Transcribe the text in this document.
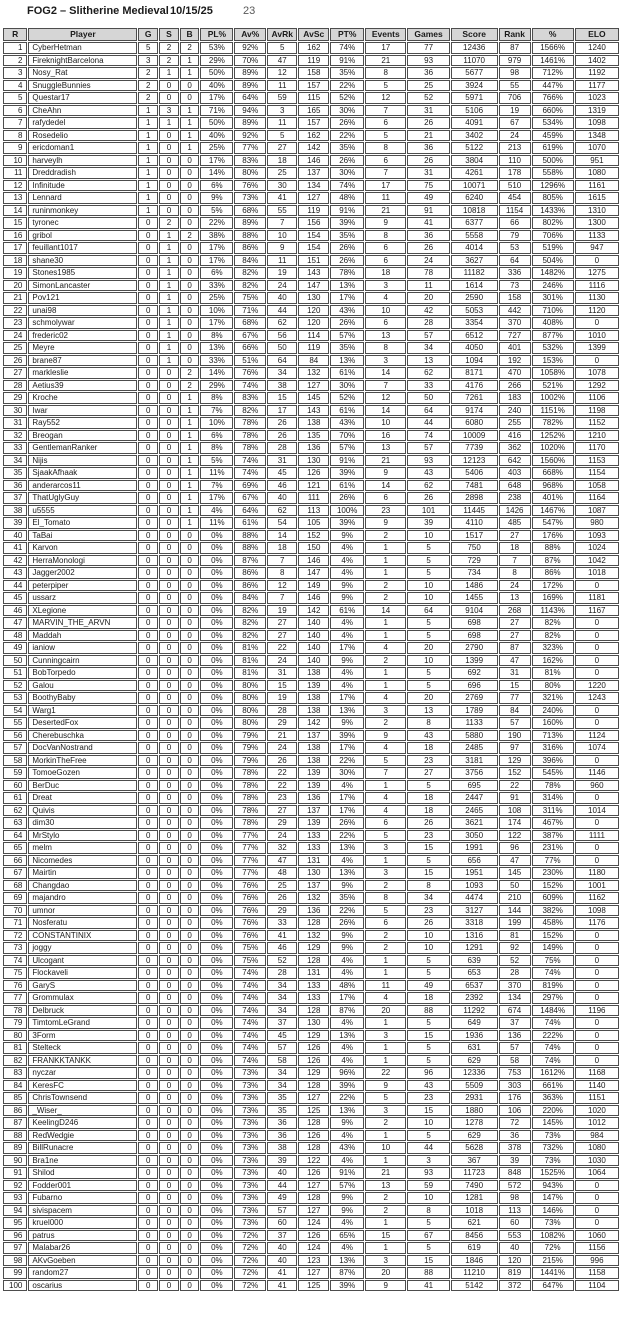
FOG2 – Slitherine Medieval 10/15/25	23
R	Player	G	S	B	PL%	Av%	AvRk	AvSc	PT%	Events	Games	Score	Rank	%	ELO
1	CyberHetman	5	2	2	53%	92%	5	162	74%	17	77	12436	87	1566%	1240
2	FireknightBarcelona	3	2	1	29%	70%	47	119	91%	21	93	11070	979	1461%	1402
3	Nosy_Rat	2	1	1	50%	89%	12	158	35%	8	36	5677	98	712%	1192
4	SnuggleBunnies	2	0	0	40%	89%	11	157	22%	5	25	3924	55	447%	1177
5	Questar17	2	0	0	17%	64%	59	115	52%	12	52	5971	706	766%	1023
6	CheAhn	1	3	1	71%	94%	3	165	30%	7	31	5106	19	660%	1319
7	rafydedel	1	1	1	50%	89%	11	157	26%	6	26	4091	67	534%	1098
8	Rosedelio	1	0	1	40%	92%	5	162	22%	5	21	3402	24	459%	1348
9	ericdoman1	1	0	1	25%	77%	27	142	35%	8	36	5122	213	619%	1070
10	harveylh	1	0	0	17%	83%	18	146	26%	6	26	3804	110	500%	951
11	Dreddradish	1	0	0	14%	80%	25	137	30%	7	31	4261	178	558%	1080
12	Infinitude	1	0	0	6%	76%	30	134	74%	17	75	10071	510	1296%	1161
13	Lennard	1	0	0	9%	73%	41	127	48%	11	49	6240	454	805%	1615
14	runinmonkey	1	0	0	5%	68%	55	119	91%	21	91	10818	1154	1433%	1310
15	tyronec	0	2	0	22%	89%	7	156	39%	9	41	6377	66	802%	1300
16	gribol	0	1	2	38%	88%	10	154	35%	8	36	5558	79	706%	1133
17	feuillant1017	0	1	0	17%	86%	9	154	26%	6	26	4014	53	519%	947
18	shane30	0	1	0	17%	84%	11	151	26%	6	24	3627	64	504%	0
19	Stones1985	0	1	0	6%	82%	19	143	78%	18	78	11182	336	1482%	1275
20	SimonLancaster	0	1	0	33%	82%	24	147	13%	3	11	1614	73	246%	1116
21	Pov121	0	1	0	25%	75%	40	130	17%	4	20	2590	158	301%	1130
22	unai98	0	1	0	10%	71%	44	120	43%	10	42	5053	442	710%	1120
23	schmolywar	0	1	0	17%	68%	62	120	26%	6	28	3354	370	408%	0
24	frederic02	0	1	0	8%	67%	56	114	57%	13	57	6512	727	877%	1010
25	Meyre	0	1	0	13%	66%	50	119	35%	8	34	4050	401	532%	1399
26	brane87	0	1	0	33%	51%	64	84	13%	3	13	1094	192	153%	0
27	markleslie	0	0	2	14%	76%	34	132	61%	14	62	8171	470	1058%	1078
28	Aetius39	0	0	2	29%	74%	38	127	30%	7	33	4176	266	521%	1292
29	Kroche	0	0	1	8%	83%	15	145	52%	12	50	7261	183	1002%	1106
30	Iwar	0	0	1	7%	82%	17	143	61%	14	64	9174	240	1151%	1198
31	Ray552	0	0	1	10%	78%	26	138	43%	10	44	6080	255	782%	1152
32	Breogan	0	0	1	6%	78%	26	135	70%	16	74	10009	416	1252%	1210
33	GentlemanRanker	0	0	1	8%	78%	28	136	57%	13	57	7739	362	1020%	1170
34	Nijis	0	0	1	5%	74%	31	130	91%	21	93	12123	642	1560%	1153
35	SjaakAfhaak	0	0	1	11%	74%	45	126	39%	9	43	5406	403	668%	1154
36	anderarcos11	0	0	1	7%	69%	46	121	61%	14	62	7481	648	968%	1058
37	ThatUglyGuy	0	0	1	17%	67%	40	111	26%	6	26	2898	238	401%	1164
38	u5555	0	0	1	4%	64%	62	113	100%	23	101	11445	1426	1467%	1087
39	El_Tomato	0	0	1	11%	61%	54	105	39%	9	39	4110	485	547%	980
40	TaBai	0	0	0	0%	88%	14	152	9%	2	10	1517	27	176%	1093
41	Karvon	0	0	0	0%	88%	18	150	4%	1	5	750	18	88%	1024
42	HerraMonologi	0	0	0	0%	87%	7	146	4%	1	5	729	7	87%	1042
43	Jagger2002	0	0	0	0%	86%	8	147	4%	1	5	734	8	86%	1018
44	peterpiper	0	0	0	0%	86%	12	149	9%	2	10	1486	24	172%	0
45	ussarz	0	0	0	0%	84%	7	146	9%	2	10	1455	13	169%	1181
46	XLegione	0	0	0	0%	82%	19	142	61%	14	64	9104	268	1143%	1167
47	MARVIN_THE_ARVN	0	0	0	0%	82%	27	140	4%	1	5	698	27	82%	0
48	Maddah	0	0	0	0%	82%	27	140	4%	1	5	698	27	82%	0
49	ianiow	0	0	0	0%	81%	22	140	17%	4	20	2790	87	323%	0
50	Cunningcairn	0	0	0	0%	81%	24	140	9%	2	10	1399	47	162%	0
51	BobTorpedo	0	0	0	0%	81%	31	138	4%	1	5	692	31	81%	0
52	Galou	0	0	0	0%	80%	15	139	4%	1	5	696	15	80%	1220
53	BoothyBaby	0	0	0	0%	80%	19	138	17%	4	20	2769	77	321%	1243
54	Warg1	0	0	0	0%	80%	28	138	13%	3	13	1789	84	240%	0
55	DesertedFox	0	0	0	0%	80%	29	142	9%	2	8	1133	57	160%	0
56	Cherebuschka	0	0	0	0%	79%	21	137	39%	9	43	5880	190	713%	1124
57	DocVanNostrand	0	0	0	0%	79%	24	138	17%	4	18	2485	97	316%	1074
58	MorkinTheFree	0	0	0	0%	79%	26	138	22%	5	23	3181	129	396%	0
59	TomoeGozen	0	0	0	0%	78%	22	139	30%	7	27	3756	152	545%	1146
60	BerDuc	0	0	0	0%	78%	22	139	4%	1	5	695	22	78%	960
61	Dreat	0	0	0	0%	78%	23	136	17%	4	18	2447	91	314%	0
62	Quivis	0	0	0	0%	78%	27	137	17%	4	18	2465	108	311%	1014
63	dim30	0	0	0	0%	78%	29	139	26%	6	26	3621	174	467%	0
64	MrStylo	0	0	0	0%	77%	24	133	22%	5	23	3050	122	387%	1111
65	melm	0	0	0	0%	77%	32	133	13%	3	15	1991	96	231%	0
66	Nicomedes	0	0	0	0%	77%	47	131	4%	1	5	656	47	77%	0
67	Mairtin	0	0	0	0%	77%	48	130	13%	3	15	1951	145	230%	1180
68	Changdao	0	0	0	0%	76%	25	137	9%	2	8	1093	50	152%	1001
69	majandro	0	0	0	0%	76%	26	132	35%	8	34	4474	210	609%	1162
70	umnor	0	0	0	0%	76%	29	136	22%	5	23	3127	144	382%	1098
71	Nosferatu	0	0	0	0%	76%	33	128	26%	6	26	3318	199	458%	1176
72	CONSTANTINIX	0	0	0	0%	76%	41	132	9%	2	10	1316	81	152%	0
73	joggy	0	0	0	0%	75%	46	129	9%	2	10	1291	92	149%	0
74	Ulcogant	0	0	0	0%	75%	52	128	4%	1	5	639	52	75%	0
75	Flockaveli	0	0	0	0%	74%	28	131	4%	1	5	653	28	74%	0
76	GaryS	0	0	0	0%	74%	34	133	48%	11	49	6537	370	819%	0
77	Grommulax	0	0	0	0%	74%	34	133	17%	4	18	2392	134	297%	0
78	Delbruck	0	0	0	0%	74%	34	128	87%	20	88	11292	674	1484%	1196
79	TimtomLeGrand	0	0	0	0%	74%	37	130	4%	1	5	649	37	74%	0
80	3Form	0	0	0	0%	74%	45	129	13%	3	15	1936	136	222%	0
81	Stelteck	0	0	0	0%	74%	57	126	4%	1	5	631	57	74%	0
82	FRANKKTANKK	0	0	0	0%	74%	58	126	4%	1	5	629	58	74%	0
83	nyczar	0	0	0	0%	73%	34	129	96%	22	96	12336	753	1612%	1168
84	KeresFC	0	0	0	0%	73%	34	128	39%	9	43	5509	303	661%	1140
85	ChrisTownsend	0	0	0	0%	73%	35	127	22%	5	23	2931	176	363%	1151
86	_Wiser_	0	0	0	0%	73%	35	125	13%	3	15	1880	106	220%	1020
87	KeelingD246	0	0	0	0%	73%	36	128	9%	2	10	1278	72	145%	1012
88	RedWedgie	0	0	0	0%	73%	36	126	4%	1	5	629	36	73%	984
89	BillRunacre	0	0	0	0%	73%	38	128	43%	10	44	5628	378	732%	1080
90	Bra1ne	0	0	0	0%	73%	39	122	4%	1	3	367	39	73%	1030
91	Shilod	0	0	0	0%	73%	40	126	91%	21	93	11723	848	1525%	1064
92	Fodder001	0	0	0	0%	73%	44	127	57%	13	59	7490	572	943%	0
93	Fubarno	0	0	0	0%	73%	49	128	9%	2	10	1281	98	147%	0
94	sivispacem	0	0	0	0%	73%	57	127	9%	2	8	1018	113	146%	0
95	kruel000	0	0	0	0%	73%	60	124	4%	1	5	621	60	73%	0
96	patrus	0	0	0	0%	72%	37	126	65%	15	67	8456	553	1082%	1060
97	Malabar26	0	0	0	0%	72%	40	124	4%	1	5	619	40	72%	1156
98	AKvGoeben	0	0	0	0%	72%	40	123	13%	3	15	1846	120	215%	996
99	random27	0	0	0	0%	72%	41	127	87%	20	88	11210	819	1441%	1158
100	oscarius	0	0	0	0%	72%	41	125	39%	9	41	5142	372	647%	1104
